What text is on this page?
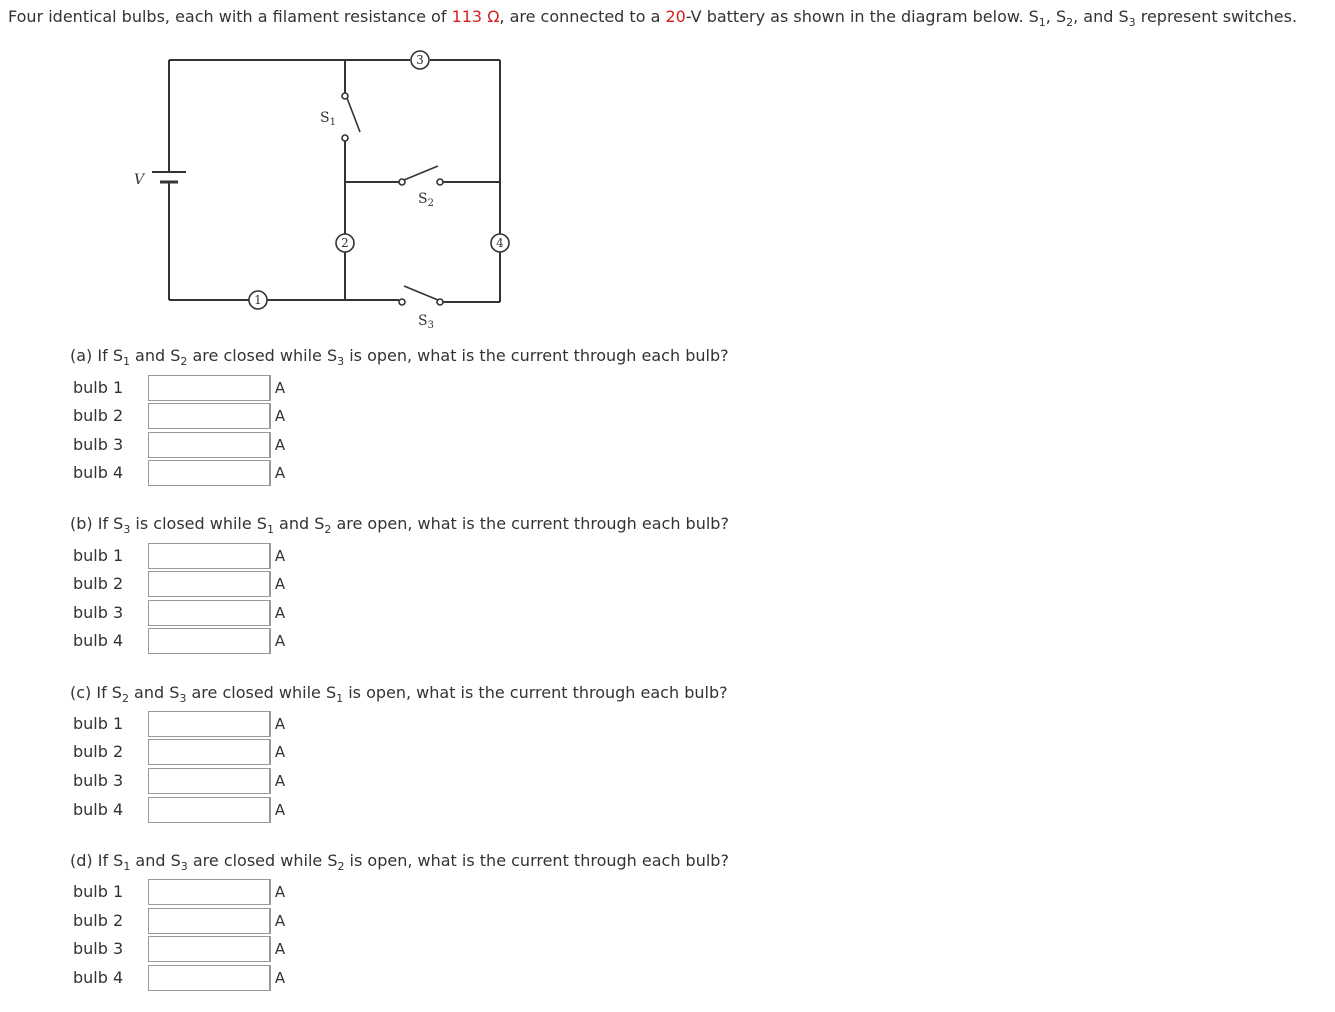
Four identical bulbs, each with a filament resistance of 113 Ω, are connected to a 20-V battery as shown in the diagram below. $S_1$, $S_2$, and $S_3$ represent switches.
V
$S_1$
$S_2$
$S_3$
1
2
3
4
(a) If $S_1$ and $S_2$ are closed while $S_3$ is open, what is the current through each bulb?
bulb 1	A
bulb 2	A
bulb 3	A
bulb 4	A
(b) If $S_3$ is closed while $S_1$ and $S_2$ are open, what is the current through each bulb?
bulb 1	A
bulb 2	A
bulb 3	A
bulb 4	A
(c) If $S_2$ and $S_3$ are closed while $S_1$ is open, what is the current through each bulb?
bulb 1	A
bulb 2	A
bulb 3	A
bulb 4	A
(d) If $S_1$ and $S_3$ are closed while $S_2$ is open, what is the current through each bulb?
bulb 1	A
bulb 2	A
bulb 3	A
bulb 4	A
